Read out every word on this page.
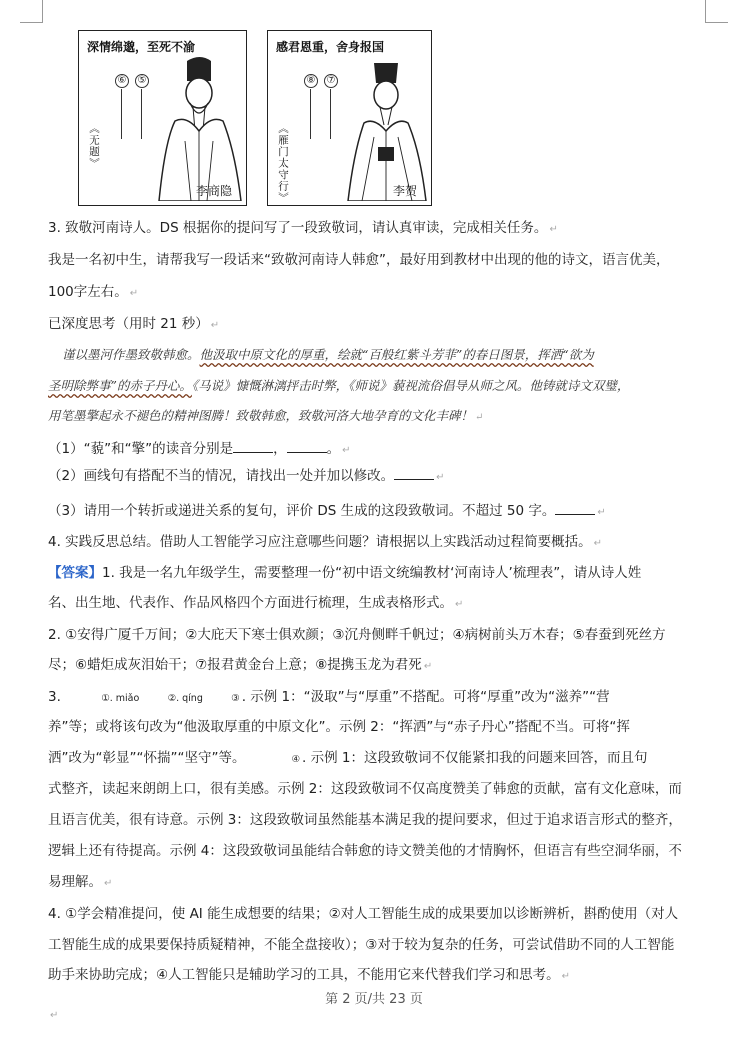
深情绵邈，至死不渝
⑥ ⑤
《无题》
李商隐
感君恩重，舍身报国
⑧ ⑦
《雁门太守行》	李贺
3. 致敬河南诗人。DS 根据你的提问写了一段致敬词，请认真审读，完成相关任务。 ↵
我是一名初中生，请帮我写一段话来“致敬河南诗人韩愈”，最好用到教材中出现的他的诗文，语言优美，
100字左右。 ↵
已深度思考（用时 21 秒） ↵
谨以墨河作墨致敬韩愈。他汲取中原文化的厚重，绘就“百般红紫斗芳菲”的春日图景，挥洒“欲为
圣明除弊事”的赤子丹心。《马说》慷慨淋漓抨击时弊，《师说》藐视流俗倡导从师之风。他铸就诗文双璧，
用笔墨擎起永不褪色的精神图腾！致敬韩愈，致敬河洛大地孕育的文化丰碑！ ↵
（1）“藐”和“擎”的读音分别是	，	。 ↵
（2）画线句有搭配不当的情况，请找出一处并加以修改。	↵
（3）请用一个转折或递进关系的复句，评价 DS 生成的这段致敬词。不超过 50 字。	↵
4. 实践反思总结。借助人工智能学习应注意哪些问题？请根据以上实践活动过程简要概括。 ↵
【答案】1. 我是一名九年级学生，需要整理一份“初中语文统编教材‘河南诗人’梳理表”，请从诗人姓
名、出生地、代表作、作品风格四个方面进行梳理，生成表格形式。 ↵
2. ①安得广厦千万间；②大庇天下寒士俱欢颜；③沉舟侧畔千帆过；④病树前头万木春；⑤春蚕到死丝方
尽；⑥蜡炬成灰泪始干；⑦报君黄金台上意；⑧提携玉龙为君死 ↵
3.	①. miǎo	②. qíng	③ . 示例 1：“汲取”与“厚重”不搭配。可将“厚重”改为“滋养”“营
养”等；或将该句改为“他汲取厚重的中原文化”。示例 2：“挥洒”与“赤子丹心”搭配不当。可将“挥
洒”改为“彰显”“怀揣”“坚守”等。	④ . 示例 1：这段致敬词不仅能紧扣我的问题来回答，而且句
式整齐，读起来朗朗上口，很有美感。示例 2：这段致敬词不仅高度赞美了韩愈的贡献，富有文化意味，而
且语言优美，很有诗意。示例 3：这段致敬词虽然能基本满足我的提问要求，但过于追求语言形式的整齐，
逻辑上还有待提高。示例 4：这段致敬词虽能结合韩愈的诗文赞美他的才情胸怀，但语言有些空洞华丽，不
易理解。 ↵
4. ①学会精准提问，使 AI 能生成想要的结果；②对人工智能生成的成果要加以诊断辨析，斟酌使用（对人
工智能生成的成果要保持质疑精神，不能全盘接收）；③对于较为复杂的任务，可尝试借助不同的人工智能
助手来协助完成；④人工智能只是辅助学习的工具，不能用它来代替我们学习和思考。 ↵
第 2 页/共 23 页
↵
